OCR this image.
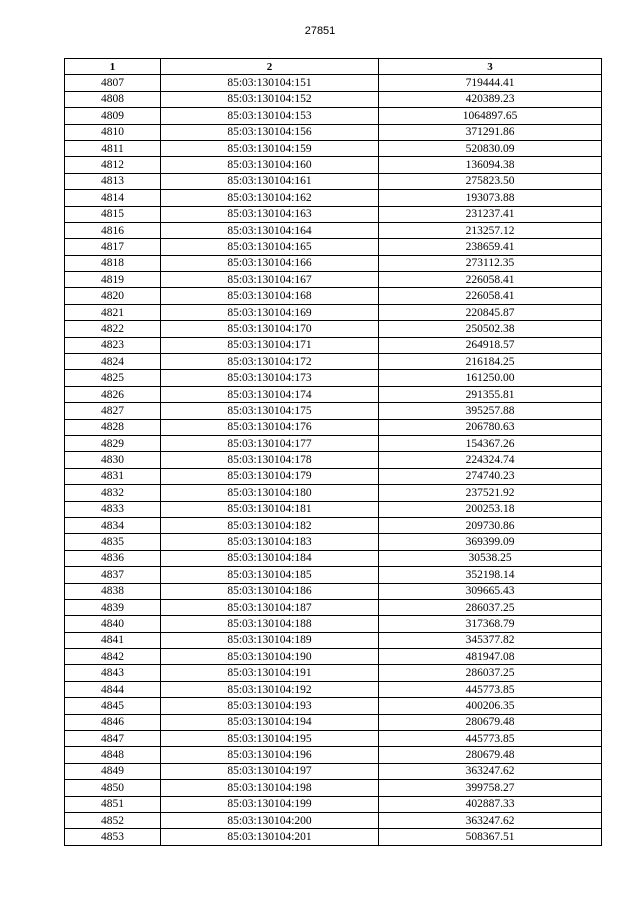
27851
1	2	3
4807	85:03:130104:151	719444.41
4808	85:03:130104:152	420389.23
4809	85:03:130104:153	1064897.65
4810	85:03:130104:156	371291.86
4811	85:03:130104:159	520830.09
4812	85:03:130104:160	136094.38
4813	85:03:130104:161	275823.50
4814	85:03:130104:162	193073.88
4815	85:03:130104:163	231237.41
4816	85:03:130104:164	213257.12
4817	85:03:130104:165	238659.41
4818	85:03:130104:166	273112.35
4819	85:03:130104:167	226058.41
4820	85:03:130104:168	226058.41
4821	85:03:130104:169	220845.87
4822	85:03:130104:170	250502.38
4823	85:03:130104:171	264918.57
4824	85:03:130104:172	216184.25
4825	85:03:130104:173	161250.00
4826	85:03:130104:174	291355.81
4827	85:03:130104:175	395257.88
4828	85:03:130104:176	206780.63
4829	85:03:130104:177	154367.26
4830	85:03:130104:178	224324.74
4831	85:03:130104:179	274740.23
4832	85:03:130104:180	237521.92
4833	85:03:130104:181	200253.18
4834	85:03:130104:182	209730.86
4835	85:03:130104:183	369399.09
4836	85:03:130104:184	30538.25
4837	85:03:130104:185	352198.14
4838	85:03:130104:186	309665.43
4839	85:03:130104:187	286037.25
4840	85:03:130104:188	317368.79
4841	85:03:130104:189	345377.82
4842	85:03:130104:190	481947.08
4843	85:03:130104:191	286037.25
4844	85:03:130104:192	445773.85
4845	85:03:130104:193	400206.35
4846	85:03:130104:194	280679.48
4847	85:03:130104:195	445773.85
4848	85:03:130104:196	280679.48
4849	85:03:130104:197	363247.62
4850	85:03:130104:198	399758.27
4851	85:03:130104:199	402887.33
4852	85:03:130104:200	363247.62
4853	85:03:130104:201	508367.51
